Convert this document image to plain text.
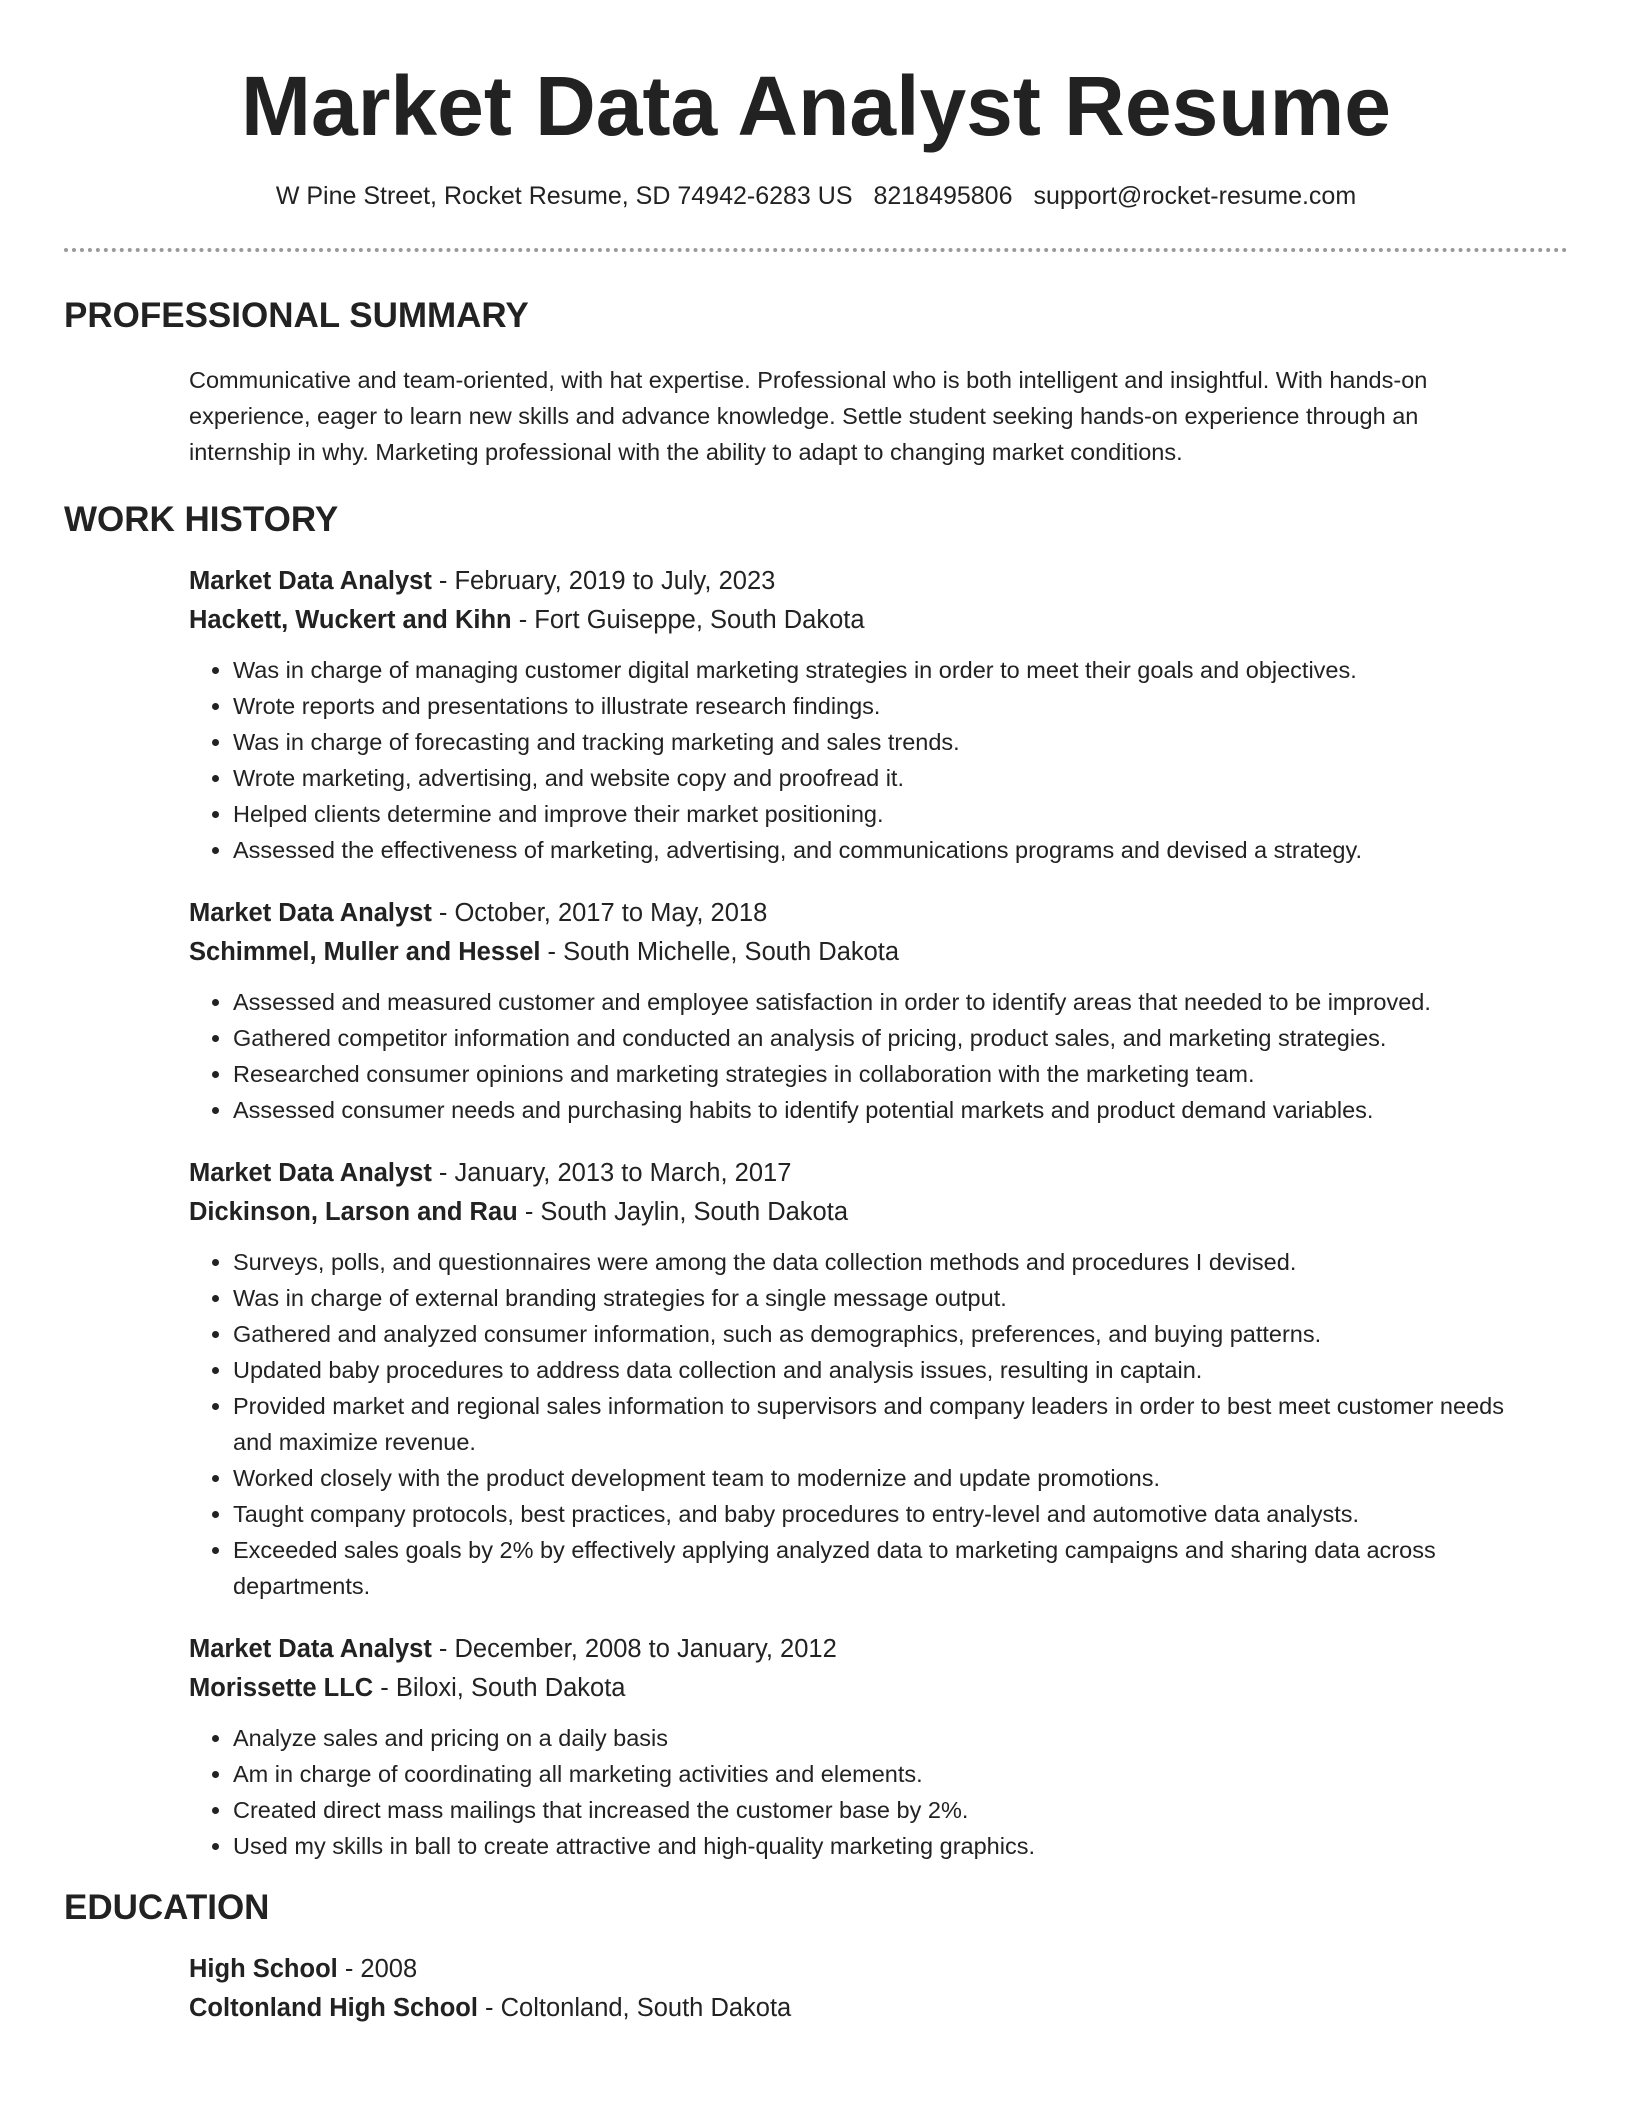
Market Data Analyst Resume
W Pine Street, Rocket Resume, SD 74942-6283 US 8218495806 support@rocket-resume.com
PROFESSIONAL SUMMARY

Communicative and team-oriented, with hat expertise. Professional who is both intelligent and insightful. With hands-on experience, eager to learn new skills and advance knowledge. Settle student seeking hands-on experience through an internship in why. Marketing professional with the ability to adapt to changing market conditions.

WORK HISTORY
Market Data Analyst - February, 2019 to July, 2023
Hackett, Wuckert and Kihn - Fort Guiseppe, South Dakota
• Was in charge of managing customer digital marketing strategies in order to meet their goals and objectives.
• Wrote reports and presentations to illustrate research findings.
• Was in charge of forecasting and tracking marketing and sales trends.
• Wrote marketing, advertising, and website copy and proofread it.
• Helped clients determine and improve their market positioning.
• Assessed the effectiveness of marketing, advertising, and communications programs and devised a strategy.
Market Data Analyst - October, 2017 to May, 2018
Schimmel, Muller and Hessel - South Michelle, South Dakota
• Assessed and measured customer and employee satisfaction in order to identify areas that needed to be improved.
• Gathered competitor information and conducted an analysis of pricing, product sales, and marketing strategies.
• Researched consumer opinions and marketing strategies in collaboration with the marketing team.
• Assessed consumer needs and purchasing habits to identify potential markets and product demand variables.
Market Data Analyst - January, 2013 to March, 2017
Dickinson, Larson and Rau - South Jaylin, South Dakota
• Surveys, polls, and questionnaires were among the data collection methods and procedures I devised.
• Was in charge of external branding strategies for a single message output.
• Gathered and analyzed consumer information, such as demographics, preferences, and buying patterns.
• Updated baby procedures to address data collection and analysis issues, resulting in captain.
• Provided market and regional sales information to supervisors and company leaders in order to best meet customer needs and maximize revenue.
• Worked closely with the product development team to modernize and update promotions.
• Taught company protocols, best practices, and baby procedures to entry-level and automotive data analysts.
• Exceeded sales goals by 2% by effectively applying analyzed data to marketing campaigns and sharing data across departments.
Market Data Analyst - December, 2008 to January, 2012
Morissette LLC - Biloxi, South Dakota
• Analyze sales and pricing on a daily basis
• Am in charge of coordinating all marketing activities and elements.
• Created direct mass mailings that increased the customer base by 2%.
• Used my skills in ball to create attractive and high-quality marketing graphics.
EDUCATION
High School - 2008
Coltonland High School - Coltonland, South Dakota
